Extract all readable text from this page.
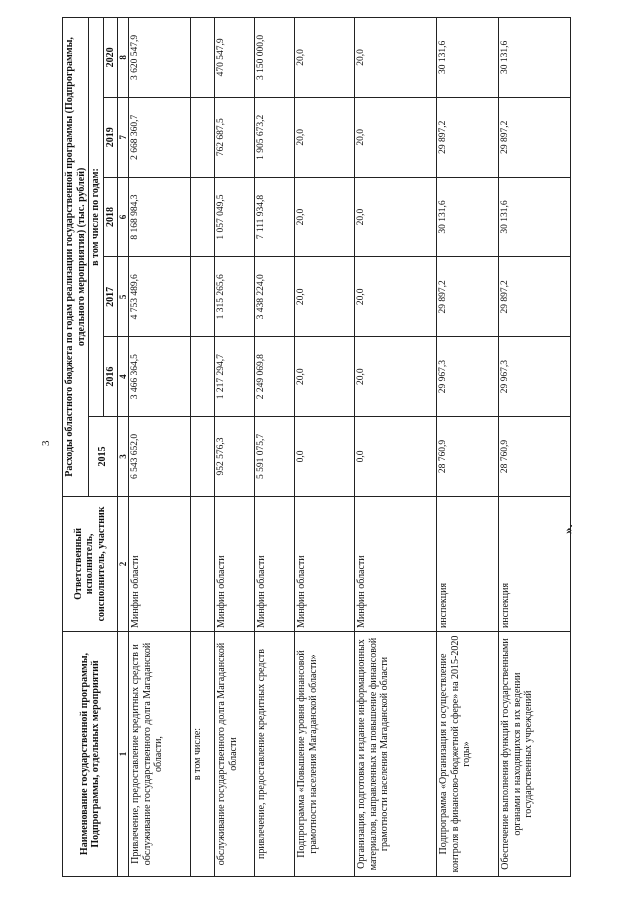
3
».
Наименование государственной программы, Подпрограммы, отдельных мероприятий	Ответственный исполнитель, соисполнитель, участник	Расходы областного бюджета по годам реализации государственной программы (Подпрограммы, отдельного мероприятия) (тыс. рублей)					
		2015	в том числе по годам:				
			2016	2017	2018	2019	2020
1	2	3	4	5	6	7	8
Привлечение, предоставление кредитных средств и обслуживание государственного долга Магаданской области,	Минфин области	6 543 652,0	3 466 364,5	4 753 489,6	8 168 984,3	2 668 360,7	3 620 547,9
в том числе:							
обслуживание государственного долга Магаданской области	Минфин области	952 576,3	1 217 294,7	1 315 265,6	1 057 049,5	762 687,5	470 547,9
привлечение, предоставление кредитных средств	Минфин области	5 591 075,7	2 249 069,8	3 438 224,0	7 111 934,8	1 905 673,2	3 150 000,0
Подпрограмма «Повышение уровня финансовой грамотности населения Магаданской области»	Минфин области	0,0	20,0	20,0	20,0	20,0	20,0
Организация, подготовка и издание информационных материалов, направленных на повышение финансовой грамотности населения Магаданской области	Минфин области	0,0	20,0	20,0	20,0	20,0	20,0
Подпрограмма «Организация и осуществление контроля в финансово-бюджетной сфере» на 2015-2020 годы»	инспекция	28 760,9	29 967,3	29 897,2	30 131,6	29 897,2	30 131,6
Обеспечение выполнения функций государственными органами и находящихся в их ведении государственных учреждений	инспекция	28 760,9	29 967,3	29 897,2	30 131,6	29 897,2	30 131,6
